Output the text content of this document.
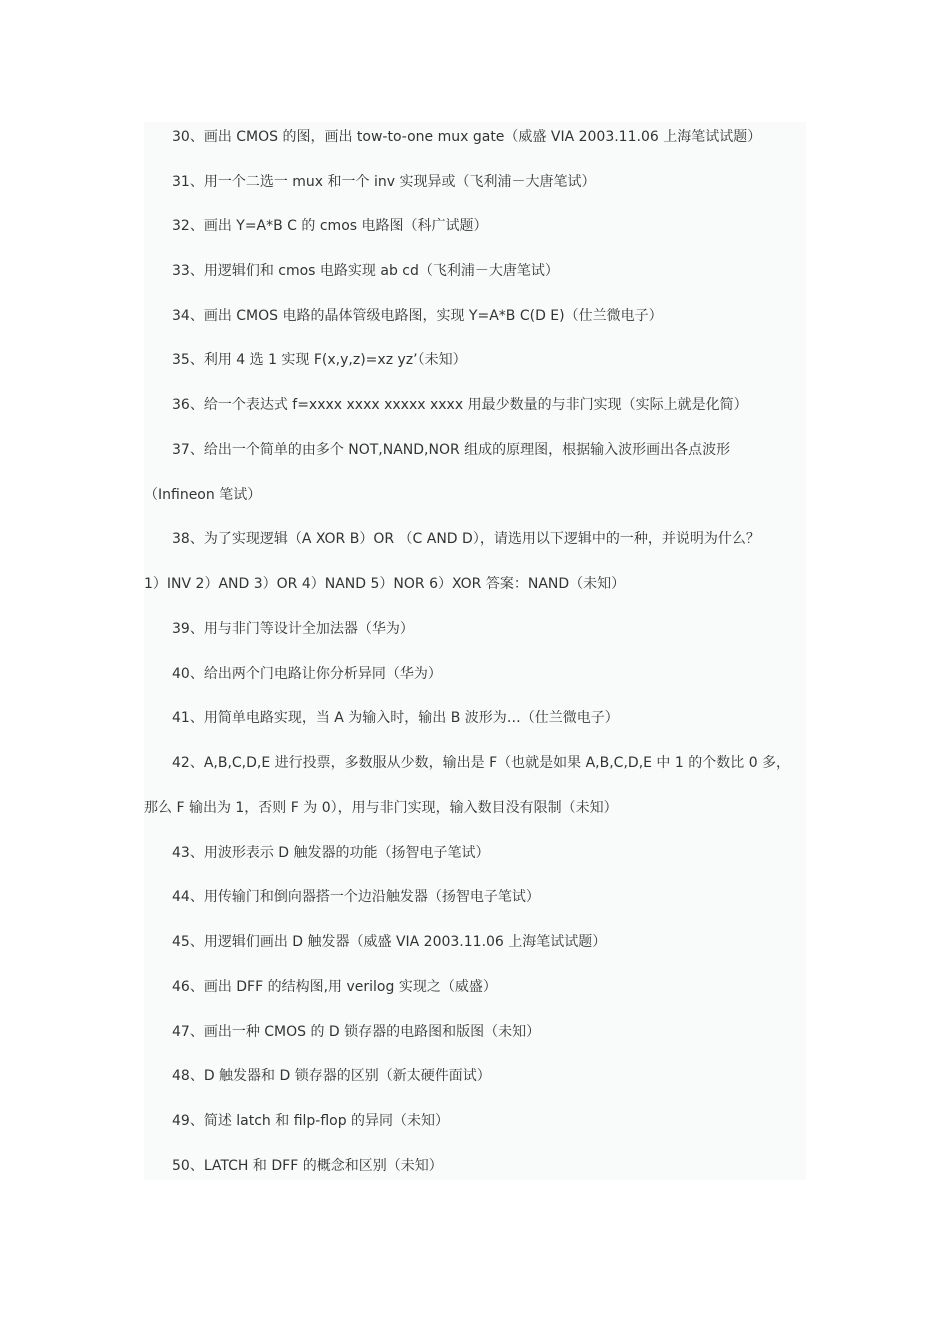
30、画出 CMOS 的图，画出 tow-to-one mux gate（威盛 VIA 2003.11.06 上海笔试试题）
31、用一个二选一 mux 和一个 inv 实现异或（飞利浦－大唐笔试）
32、画出 Y=A*B C 的 cmos 电路图（科广试题）
33、用逻辑们和 cmos 电路实现 ab cd（飞利浦－大唐笔试）
34、画出 CMOS 电路的晶体管级电路图，实现 Y=A*B C(D E)（仕兰微电子）
35、利用 4 选 1 实现 F(x,y,z)=xz yz’（未知）
36、给一个表达式 f=xxxx xxxx xxxxx xxxx 用最少数量的与非门实现（实际上就是化简）
37、给出一个简单的由多个 NOT,NAND,NOR 组成的原理图，根据输入波形画出各点波形
（Infineon 笔试）
38、为了实现逻辑（A XOR B）OR （C AND D），请选用以下逻辑中的一种，并说明为什么？
1）INV 2）AND 3）OR 4）NAND 5）NOR 6）XOR 答案：NAND（未知）
39、用与非门等设计全加法器（华为）
40、给出两个门电路让你分析异同（华为）
41、用简单电路实现，当 A 为输入时，输出 B 波形为…（仕兰微电子）
42、A,B,C,D,E 进行投票，多数服从少数，输出是 F（也就是如果 A,B,C,D,E 中 1 的个数比 0 多，
那么 F 输出为 1，否则 F 为 0），用与非门实现，输入数目没有限制（未知）
43、用波形表示 D 触发器的功能（扬智电子笔试）
44、用传输门和倒向器搭一个边沿触发器（扬智电子笔试）
45、用逻辑们画出 D 触发器（威盛 VIA 2003.11.06 上海笔试试题）
46、画出 DFF 的结构图,用 verilog 实现之（威盛）
47、画出一种 CMOS 的 D 锁存器的电路图和版图（未知）
48、D 触发器和 D 锁存器的区别（新太硬件面试）
49、简述 latch 和 filp-flop 的异同（未知）
50、LATCH 和 DFF 的概念和区别（未知）
